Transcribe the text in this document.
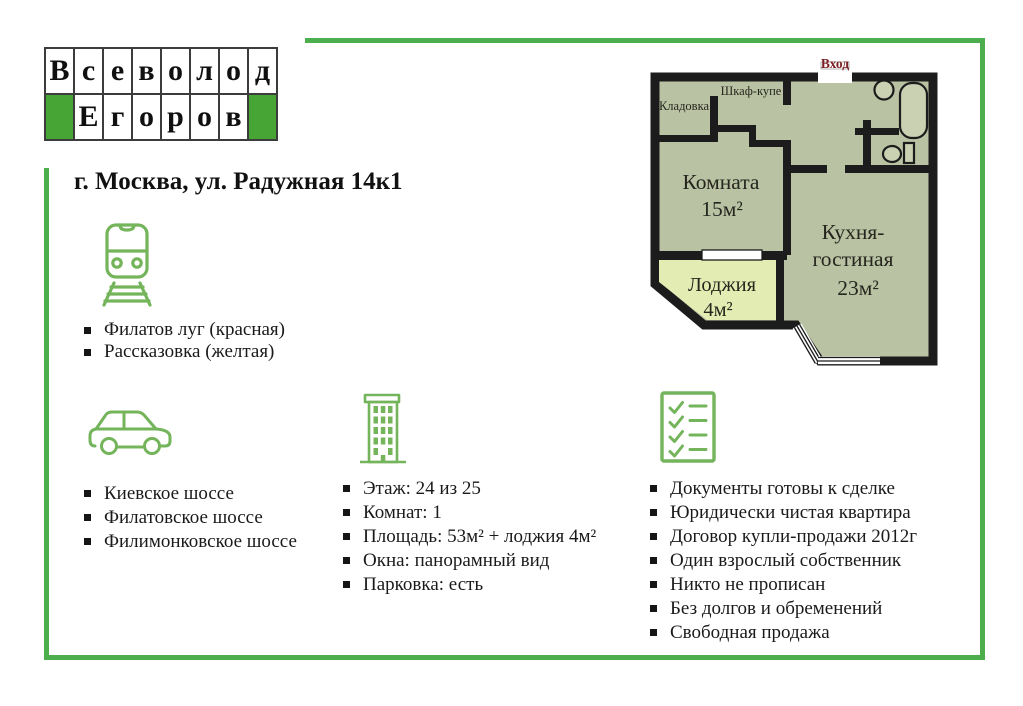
В с е в о л о д
Е г о р о в
г. Москва, ул. Радужная 14к1
Филатов луг (красная)
Рассказовка (желтая)
Киевское шоссе
Филатовское шоссе
Филимонковское шоссе
Этаж: 24 из 25
Комнат: 1
Площадь: 53м² + лоджия 4м²
Окна: панорамный вид
Парковка: есть
Документы готовы к сделке
Юридически чистая квартира
Договор купли-продажи 2012г
Один взрослый собственник
Никто не прописан
Без долгов и обременений
Свободная продажа
Вход
Кладовка
Шкаф-купе
Комната
15м²
Кухня-
гостиная
23м²
Лоджия
4м²
